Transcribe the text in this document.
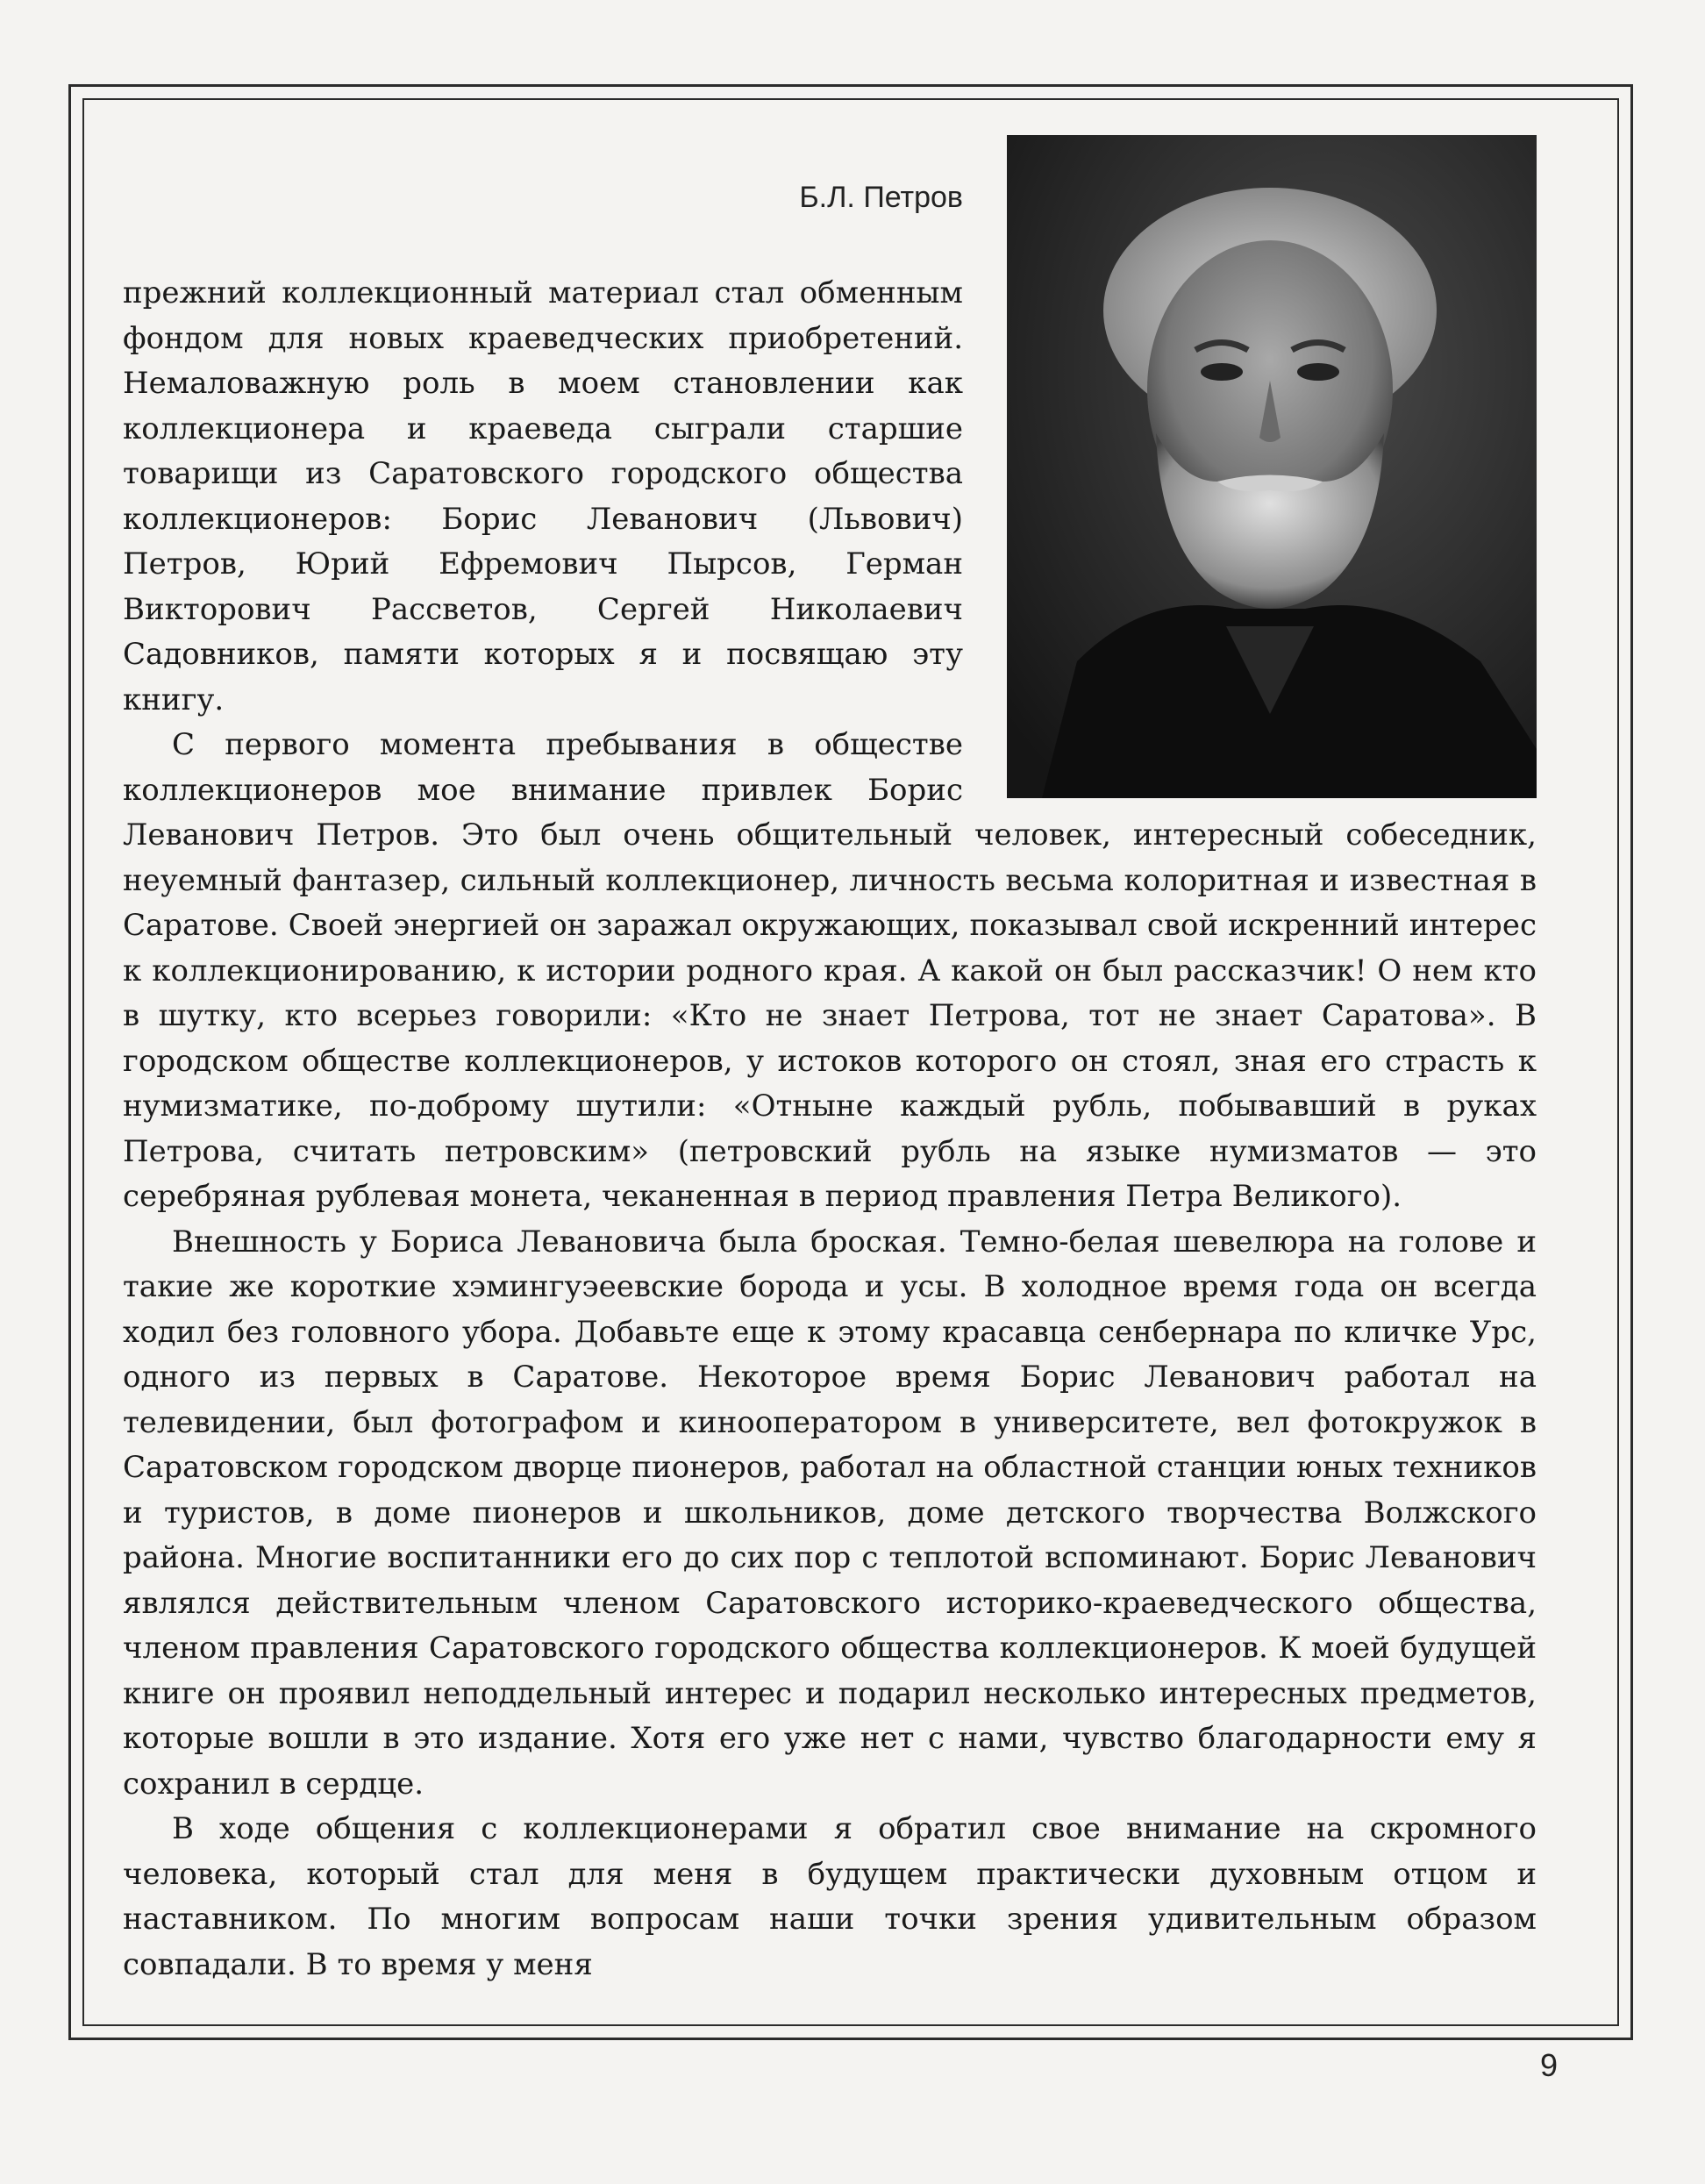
Б.Л. Петров

прежний коллекционный материал стал обменным фондом для новых краеведческих приобретений. Немаловажную роль в моем становлении как коллекционера и краеведа сыграли старшие товарищи из Саратовского городского общества коллекционеров: Борис Леванович (Львович) Петров, Юрий Ефремович Пырсов, Герман Викторович Рассветов, Сергей Николаевич Садовников, памяти которых я и посвящаю эту книгу.

С первого момента пребывания в обществе коллекционеров мое внимание привлек Борис Леванович Петров. Это был очень общительный человек, интересный собеседник, неуемный фантазер, сильный коллекционер, личность весьма колоритная и известная в Саратове. Своей энергией он заражал окружающих, показывал свой искренний интерес к коллекционированию, к истории родного края. А какой он был рассказчик! О нем кто в шутку, кто всерьез говорили: «Кто не знает Петрова, тот не знает Саратова». В городском обществе коллекционеров, у истоков которого он стоял, зная его страсть к нумизматике, по-доброму шутили: «Отныне каждый рубль, побывавший в руках Петрова, считать петровским» (петровский рубль на языке нумизматов — это серебряная рублевая монета, чеканенная в период правления Петра Великого).

Внешность у Бориса Левановича была броская. Темно-белая шевелюра на голове и такие же короткие хэмингуэеевские борода и усы. В холодное время года он всегда ходил без головного убора. Добавьте еще к этому красавца сенбернара по кличке Урс, одного из первых в Саратове. Некоторое время Борис Леванович работал на телевидении, был фотографом и кинооператором в университете, вел фотокружок в Саратовском городском дворце пионеров, работал на областной станции юных техников и туристов, в доме пионеров и школьников, доме детского творчества Волжского района. Многие воспитанники его до сих пор с теплотой вспоминают. Борис Леванович являлся действительным членом Саратовского историко-краеведческого общества, членом правления Саратовского городского общества коллекционеров. К моей будущей книге он проявил неподдельный интерес и подарил несколько интересных предметов, которые вошли в это издание. Хотя его уже нет с нами, чувство благодарности ему я сохранил в сердце.

В ходе общения с коллекционерами я обратил свое внимание на скромного человека, который стал для меня в будущем практически духовным отцом и наставником. По многим вопросам наши точки зрения удивительным образом совпадали. В то время у меня

9
